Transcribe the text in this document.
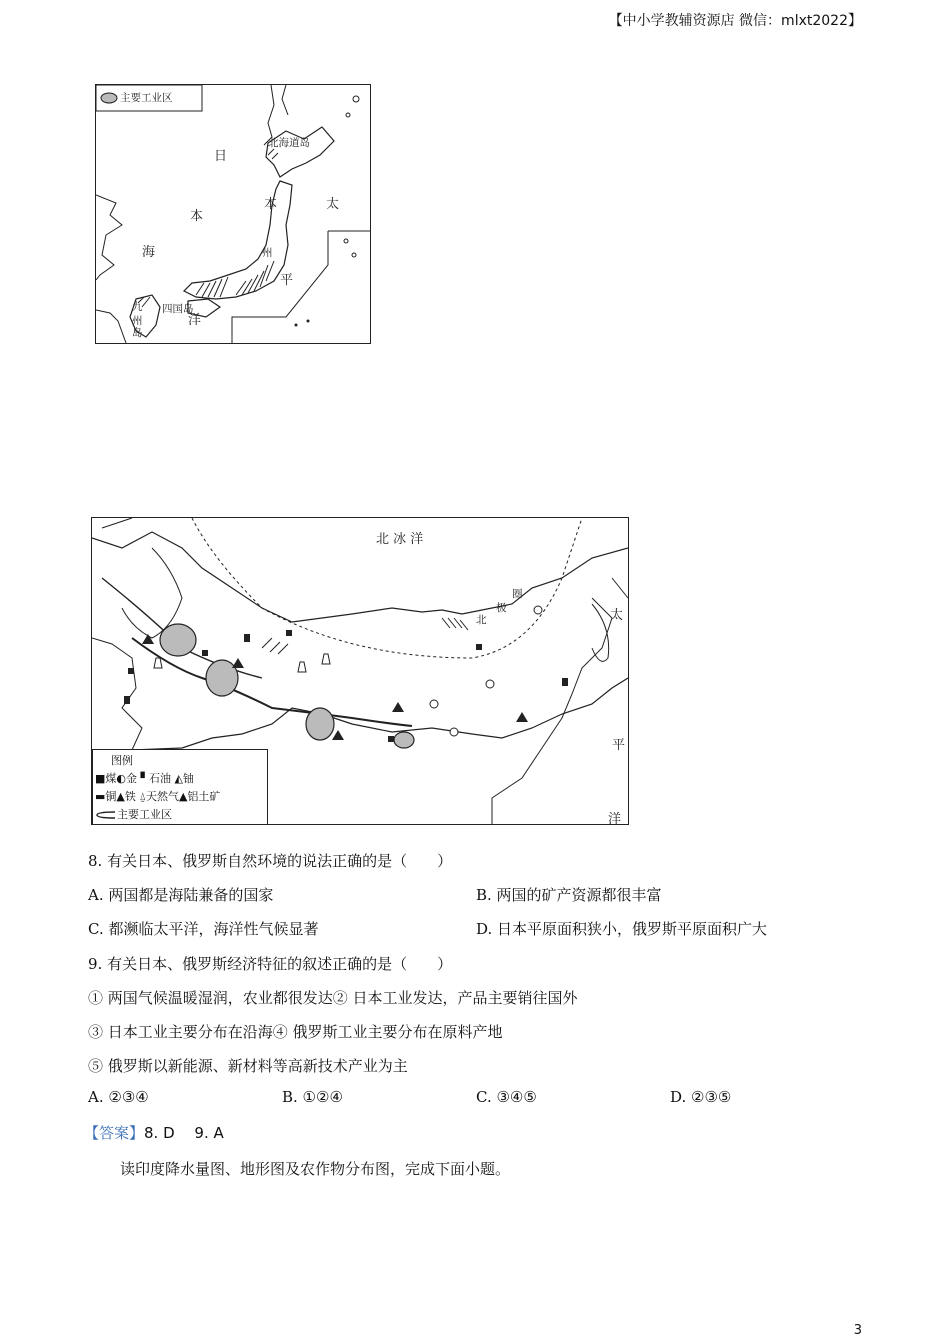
【中小学教辅资源店 微信：mlxt2022】
主要工业区
北海道岛
日
本
海
太
平
洋
本
州
九
州
岛
四国岛
北 冰 洋
北
极
圈
太
平
洋
图例
■煤◐金 ▘石油 ◭铀
▬铜▲铁 ⍙天然气▲铝土矿
主要工业区
8. 有关日本、俄罗斯自然环境的说法正确的是（　　）
A. 两国都是海陆兼备的国家	B. 两国的矿产资源都很丰富
C. 都濒临太平洋，海洋性气候显著	D. 日本平原面积狭小，俄罗斯平原面积广大
9. 有关日本、俄罗斯经济特征的叙述正确的是（　　）
① 两国气候温暖湿润，农业都很发达② 日本工业发达，产品主要销往国外
③ 日本工业主要分布在沿海④ 俄罗斯工业主要分布在原料产地
⑤ 俄罗斯以新能源、新材料等高新技术产业为主
A. ②③④	B. ①②④	C. ③④⑤	D. ②③⑤
【答案】8. D　 9. A
读印度降水量图、地形图及农作物分布图，完成下面小题。
3
